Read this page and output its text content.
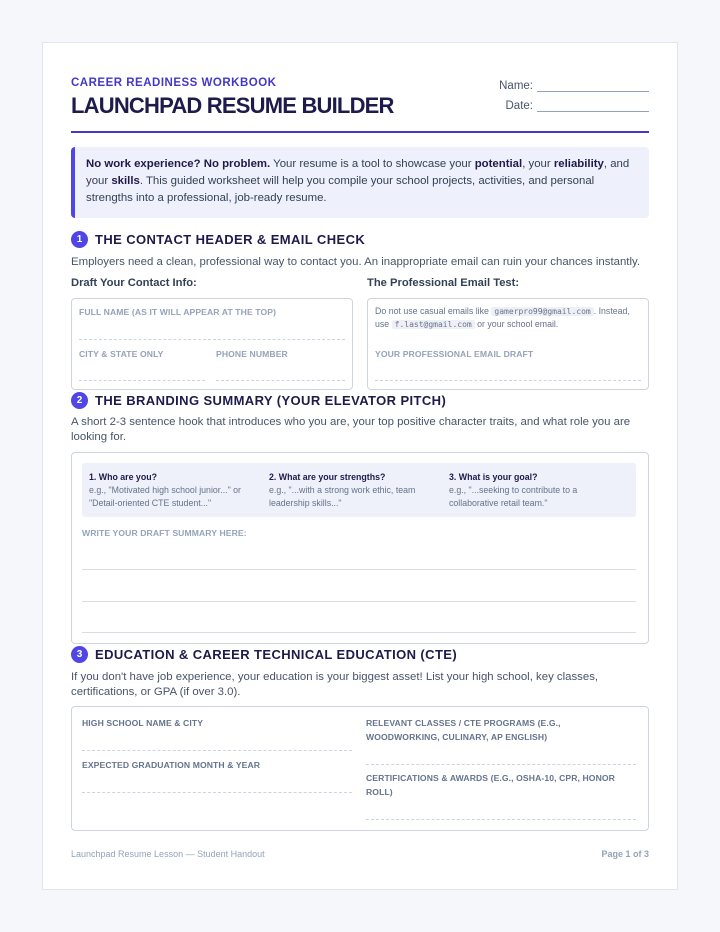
CAREER READINESS WORKBOOK
LAUNCHPAD RESUME BUILDER
Name:
Date:
No work experience? No problem. Your resume is a tool to showcase your potential, your reliability, and your skills. This guided worksheet will help you compile your school projects, activities, and personal strengths into a professional, job-ready resume.
1 THE CONTACT HEADER & EMAIL CHECK
Employers need a clean, professional way to contact you. An inappropriate email can ruin your chances instantly.
Draft Your Contact Info:	The Professional Email Test:
FULL NAME (AS IT WILL APPEAR AT THE TOP)
CITY & STATE ONLY	PHONE NUMBER
Do not use casual emails like gamerpro99@gmail.com . Instead, use f.last@gmail.com or your school email.
YOUR PROFESSIONAL EMAIL DRAFT
2 THE BRANDING SUMMARY (YOUR ELEVATOR PITCH)
A short 2-3 sentence hook that introduces who you are, your top positive character traits, and what role you are looking for.
1. Who are you?
e.g., "Motivated high school junior..." or "Detail-oriented CTE student..."
2. What are your strengths?
e.g., "...with a strong work ethic, team leadership skills..."
3. What is your goal?
e.g., "...seeking to contribute to a collaborative retail team."
WRITE YOUR DRAFT SUMMARY HERE:
3 EDUCATION & CAREER TECHNICAL EDUCATION (CTE)
If you don't have job experience, your education is your biggest asset! List your high school, key classes, certifications, or GPA (if over 3.0).
HIGH SCHOOL NAME & CITY
EXPECTED GRADUATION MONTH & YEAR
RELEVANT CLASSES / CTE PROGRAMS (E.G., WOODWORKING, CULINARY, AP ENGLISH)
CERTIFICATIONS & AWARDS (E.G., OSHA-10, CPR, HONOR ROLL)
Launchpad Resume Lesson — Student Handout	Page 1 of 3
